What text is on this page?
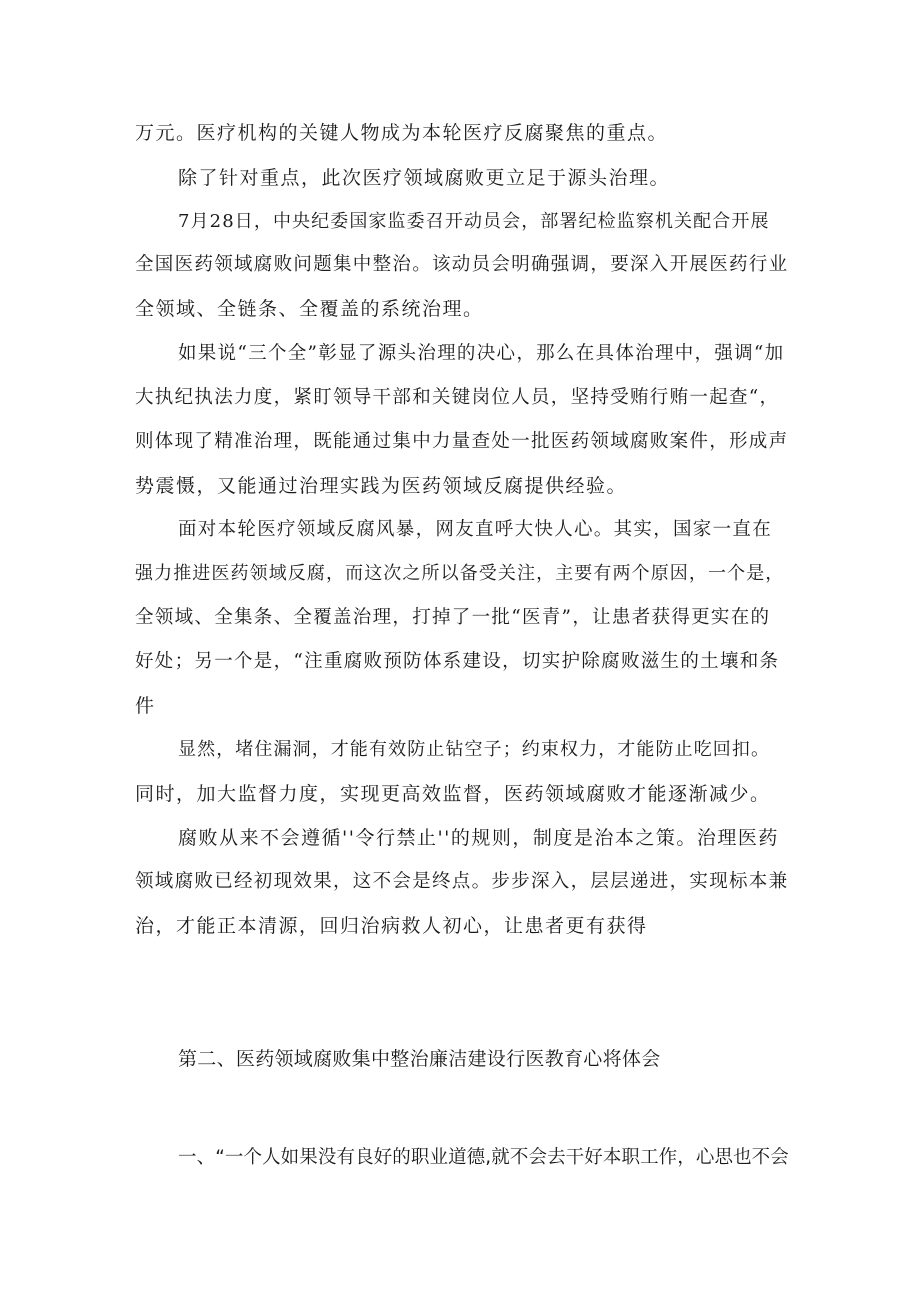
万元。医疗机构的关键人物成为本轮医疗反腐聚焦的重点。
除了针对重点，此次医疗领域腐败更立足于源头治理。
7月28日，中央纪委国家监委召开动员会，部署纪检监察机关配合开展
全国医药领域腐败问题集中整治。该动员会明确强调，要深入开展医药行业
全领域、全链条、全覆盖的系统治理。
如果说“三个全”彰显了源头治理的决心，那么在具体治理中，强调“加
大执纪执法力度，紧盯领导干部和关键岗位人员，坚持受贿行贿一起查“，
则体现了精准治理，既能通过集中力量查处一批医药领域腐败案件，形成声
势震慑，又能通过治理实践为医药领域反腐提供经验。
面对本轮医疗领域反腐风暴，网友直呼大快人心。其实，国家一直在
强力推进医药领域反腐，而这次之所以备受关注，主要有两个原因，一个是，
全领域、全集条、全覆盖治理，打掉了一批“医青”，让患者获得更实在的
好处；另一个是，“注重腐败预防体系建设，切实护除腐败滋生的土壤和条
件
显然，堵住漏洞，才能有效防止钻空子；约束权力，才能防止吃回扣。
同时，加大监督力度，实现更高效监督，医药领域腐败才能逐渐减少。
腐败从来不会遵循''令行禁止''的规则，制度是治本之策。治理医药
领域腐败已经初现效果，这不会是终点。步步深入，层层递进，实现标本兼
治，才能正本清源，回归治病救人初心，让患者更有获得
第二、医药领域腐败集中整治廉洁建设行医教育心将体会
一、“一个人如果没有良好的职业道德,就不会去干好本职工作，心思也不会
